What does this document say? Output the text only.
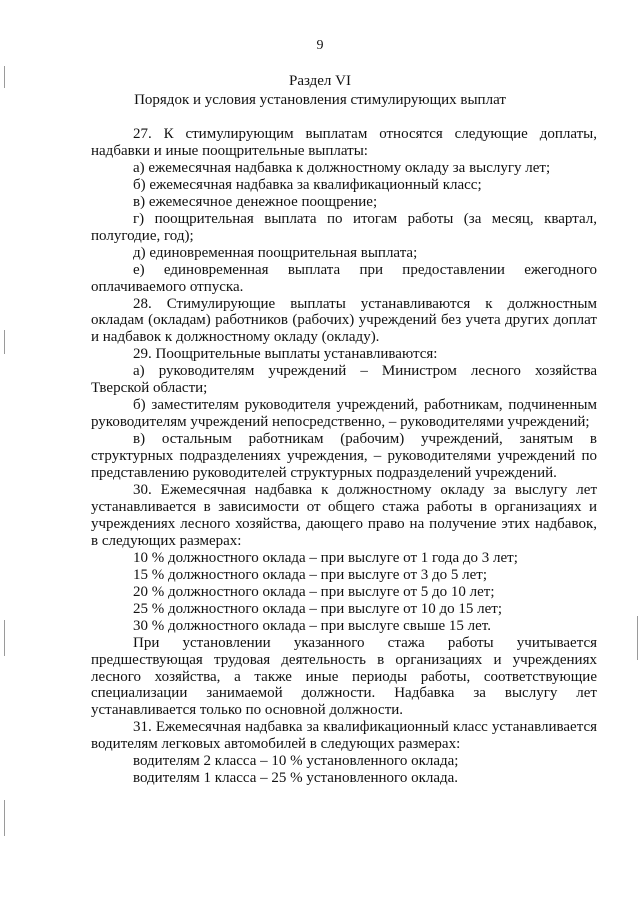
9
Раздел VI
Порядок и условия установления стимулирующих выплат

27. К стимулирующим выплатам относятся следующие доплаты, надбавки и иные поощрительные выплаты:

а) ежемесячная надбавка к должностному окладу за выслугу лет;

б) ежемесячная надбавка за квалификационный класс;

в) ежемесячное денежное поощрение;

г) поощрительная выплата по итогам работы (за месяц, квартал, полугодие, год);

д) единовременная поощрительная выплата;

е) единовременная выплата при предоставлении ежегодного оплачиваемого отпуска.

28. Стимулирующие выплаты устанавливаются к должностным окладам (окладам) работников (рабочих) учреждений без учета других доплат и надбавок к должностному окладу (окладу).

29. Поощрительные выплаты устанавливаются:

а) руководителям учреждений – Министром лесного хозяйства Тверской области;

б) заместителям руководителя учреждений, работникам, подчиненным руководителям учреждений непосредственно, – руководителями учреждений;

в) остальным работникам (рабочим) учреждений, занятым в структурных подразделениях учреждения, – руководителями учреждений по представлению руководителей структурных подразделений учреждений.

30. Ежемесячная надбавка к должностному окладу за выслугу лет устанавливается в зависимости от общего стажа работы в организациях и учреждениях лесного хозяйства, дающего право на получение этих надбавок, в следующих размерах:

10 % должностного оклада – при выслуге от 1 года до 3 лет;

15 % должностного оклада – при выслуге от 3 до 5 лет;

20 % должностного оклада – при выслуге от 5 до 10 лет;

25 % должностного оклада – при выслуге от 10 до 15 лет;

30 % должностного оклада – при выслуге свыше 15 лет.

При установлении указанного стажа работы учитывается предшествующая трудовая деятельность в организациях и учреждениях лесного хозяйства, а также иные периоды работы, соответствующие специализации занимаемой должности. Надбавка за выслугу лет устанавливается только по основной должности.

31. Ежемесячная надбавка за квалификационный класс устанавливается водителям легковых автомобилей в следующих размерах:

водителям 2 класса – 10 % установленного оклада;

водителям 1 класса – 25 % установленного оклада.
